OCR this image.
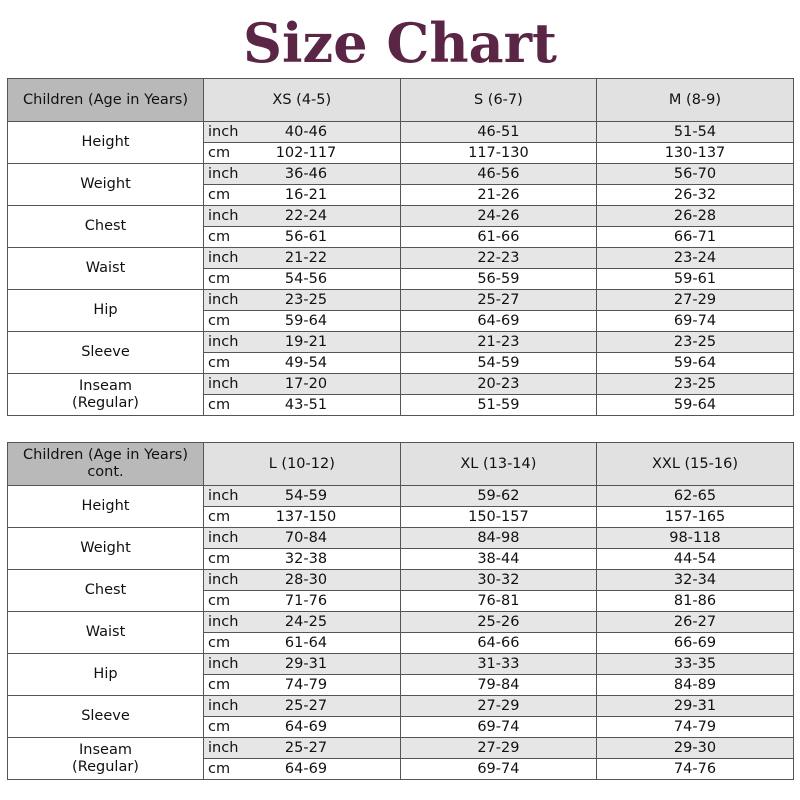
Size Chart
Children (Age in Years)	XS (4-5)	S (6-7)	M (8-9)
Height	inch 40-46	46-51	51-54
	cm 102-117	117-130	130-137
Weight	inch 36-46	46-56	56-70
	cm 16-21	21-26	26-32
Chest	inch 22-24	24-26	26-28
	cm 56-61	61-66	66-71
Waist	inch 21-22	22-23	23-24
	cm 54-56	56-59	59-61
Hip	inch 23-25	25-27	27-29
	cm 59-64	64-69	69-74
Sleeve	inch 19-21	21-23	23-25
	cm 49-54	54-59	59-64
Inseam
(Regular)	inch 17-20	20-23	23-25
	cm 43-51	51-59	59-64
Children (Age in Years)
cont.	L (10-12)	XL (13-14)	XXL (15-16)
Height	inch 54-59	59-62	62-65
	cm 137-150	150-157	157-165
Weight	inch 70-84	84-98	98-118
	cm 32-38	38-44	44-54
Chest	inch 28-30	30-32	32-34
	cm 71-76	76-81	81-86
Waist	inch 24-25	25-26	26-27
	cm 61-64	64-66	66-69
Hip	inch 29-31	31-33	33-35
	cm 74-79	79-84	84-89
Sleeve	inch 25-27	27-29	29-31
	cm 64-69	69-74	74-79
Inseam
(Regular)	inch 25-27	27-29	29-30
	cm 64-69	69-74	74-76
